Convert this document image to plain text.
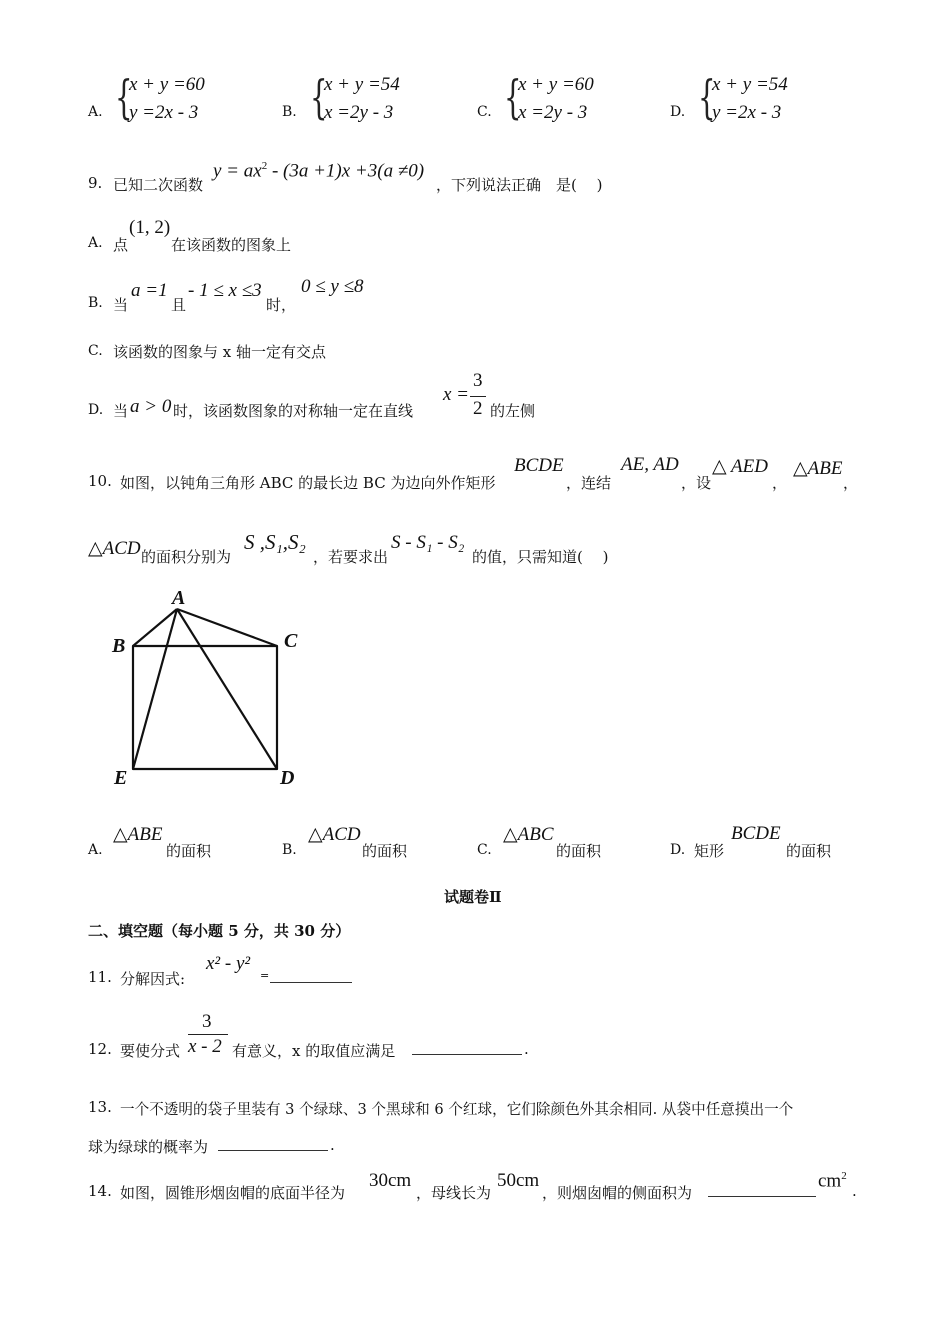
A. {
x + y =60
y =2x - 3	B. {
x + y =54
x =2y - 3	C. {
x + y =60
x =2y - 3	D. {
x + y =54
y =2x - 3
9. 已知二次函数
$y = ax^2 - (3a +1)x +3(a \ne 0)$
，下列说法正确　是(　 )
A. 点
(1, 2)
在该函数的图象上
B. 当
a =1
且
- 1 ≤ x ≤3
时，
0 ≤ y ≤8
C. 该函数的图象与 x 轴一定有交点
D. 当 a > 0 时，该函数图象的对称轴一定在直线
x =
3
2 的左侧
10. 如图，以钝角三角形 ABC 的最长边 BC 为边向外作矩形
BCDE
，连结
AE, AD
，设
△ AED
，
△ABE
，
△ACD 的面积分别为
S ,S₁,S₂
，若要求出
S - S₁ - S₂
的值，只需知道(　 )
A
B	C
D
E
A.
△ABE
的面积	B.
△ACD
的面积	C.
△ABC
的面积	D. 矩形
BCDE
的面积
试题卷Ⅱ
二、填空题（每小题 5 分，共 30 分）
11. 分解因式:
x² - y²
=
12. 要使分式
3
x - 2 有意义，x 的取值应满足	.
13. 一个不透明的袋子里装有 3 个绿球、3 个黑球和 6 个红球，它们除颜色外其余相同. 从袋中任意摸出一个
球为绿球的概率为	.
14. 如图，圆锥形烟囱帽的底面半径为
30cm
，母线长为
50cm
，则烟囱帽的侧面积为
$cm^2$
.
